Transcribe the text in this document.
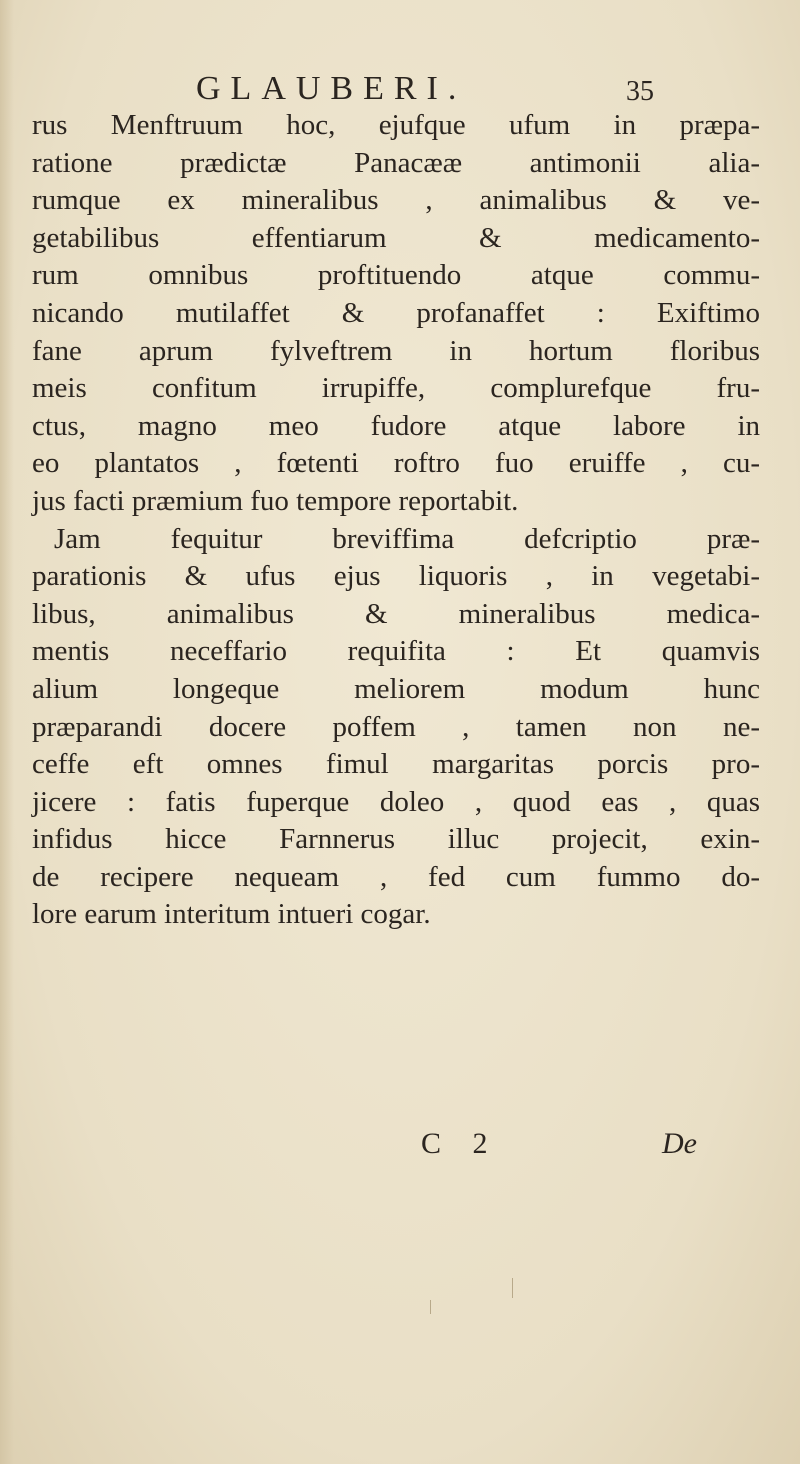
GLAUBERI.	35
rus Menftruum hoc, ejufque ufum in præpa-
ratione prædictæ Panacææ antimonii alia-
rumque ex mineralibus , animalibus & ve-
getabilibus effentiarum & medicamento-
rum omnibus proftituendo atque commu-
nicando mutilaffet & profanaffet : Exiftimo
fane aprum fylveftrem in hortum floribus
meis confitum irrupiffe, complurefque fru-
ctus, magno meo fudore atque labore in
eo plantatos , fœtenti roftro fuo eruiffe , cu-
jus facti præmium fuo tempore reportabit.
Jam fequitur breviffima defcriptio præ-
parationis & ufus ejus liquoris , in vegetabi-
libus, animalibus & mineralibus medica-
mentis neceffario requifita : Et quamvis
alium longeque meliorem modum hunc
præparandi docere poffem , tamen non ne-
ceffe eft omnes fimul margaritas porcis pro-
jicere : fatis fuperque doleo , quod eas , quas
infidus hicce Farnnerus illuc projecit, exin-
de recipere nequeam , fed cum fummo do-
lore earum interitum intueri cogar.
C 2	De
